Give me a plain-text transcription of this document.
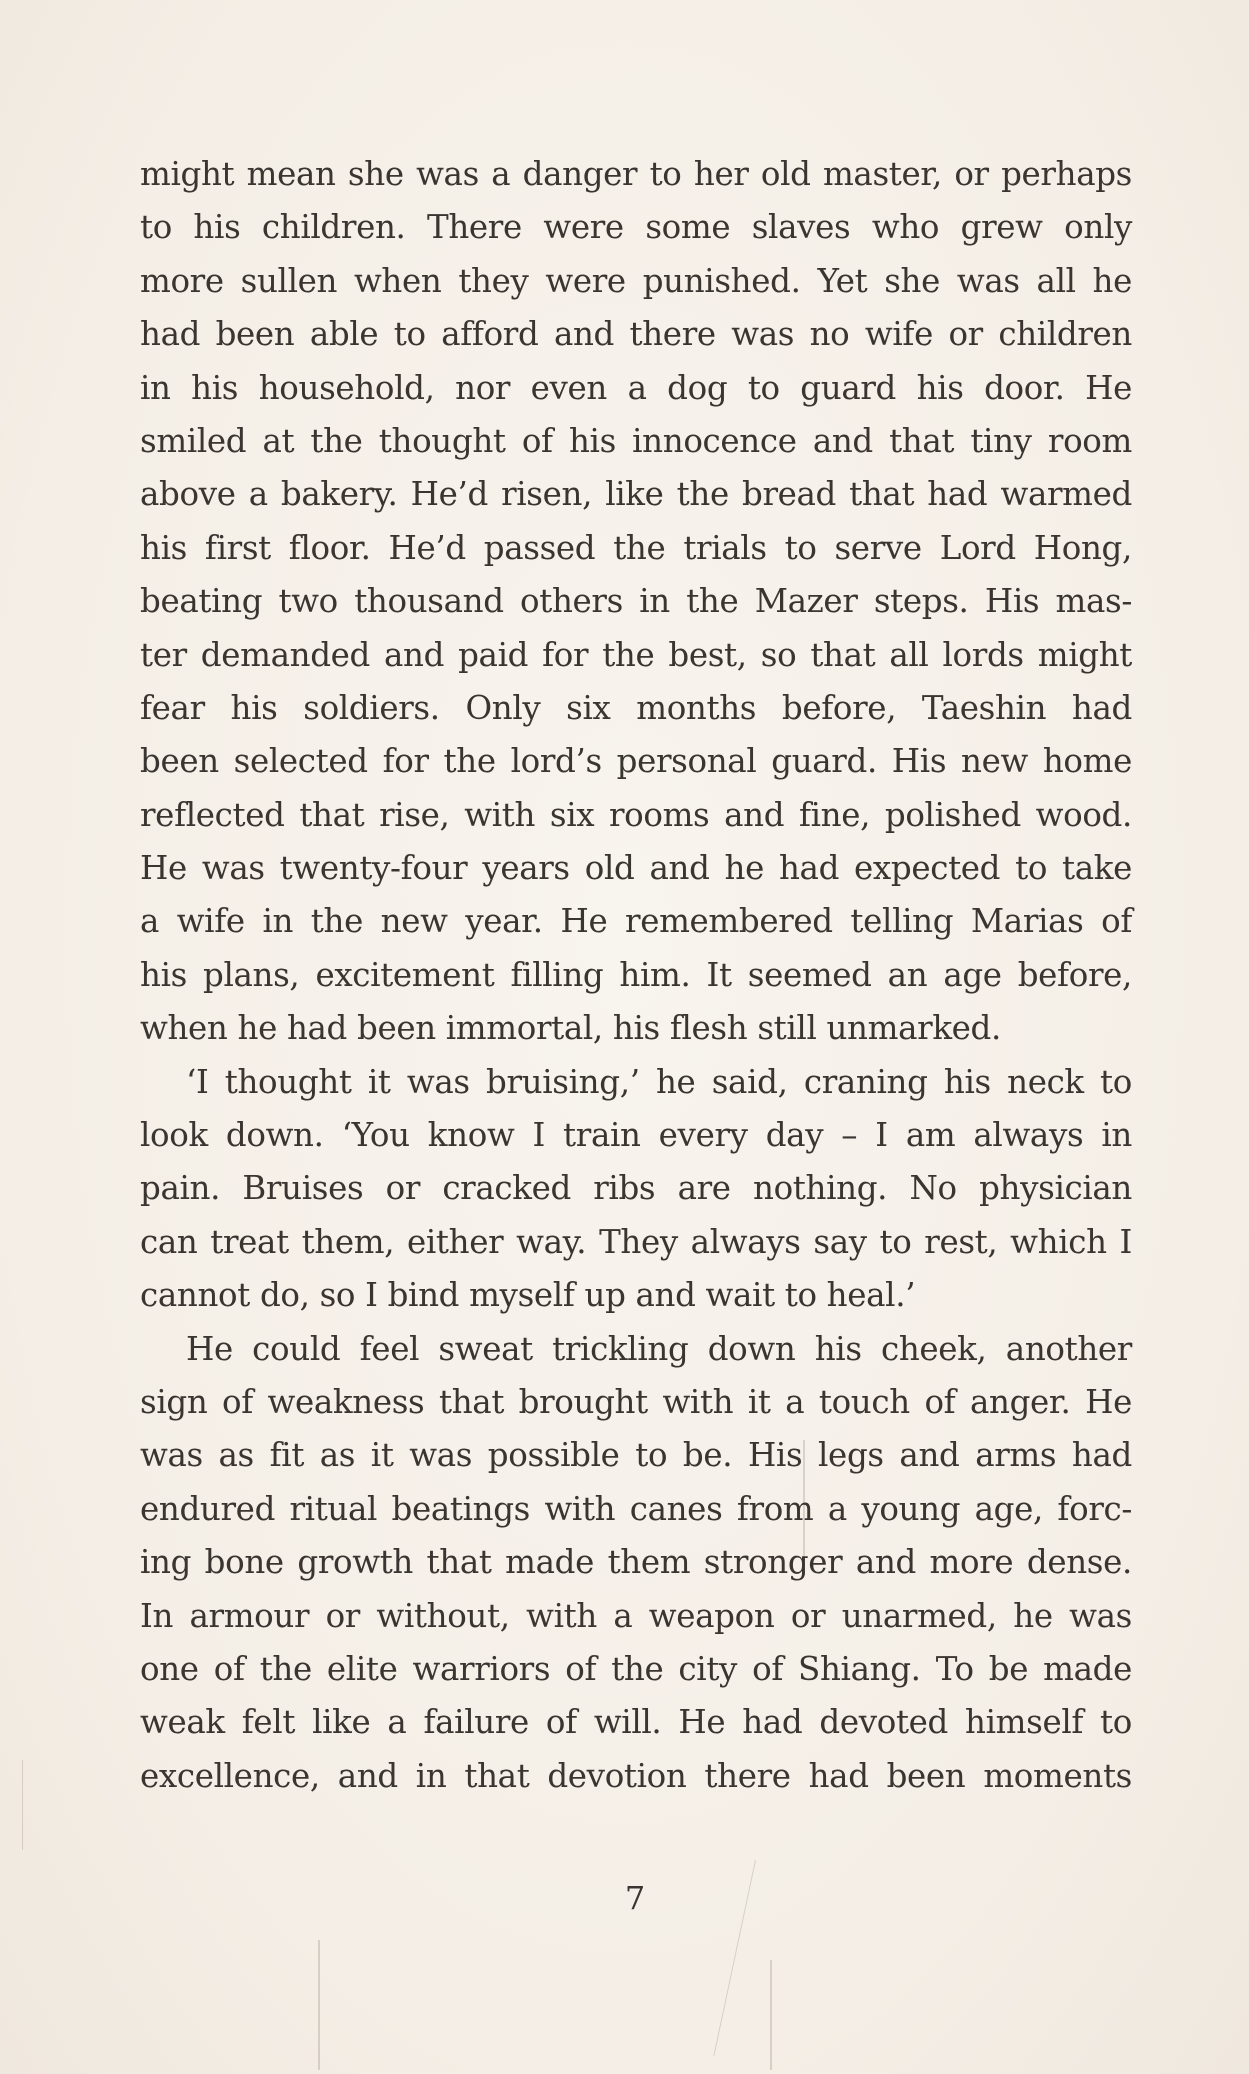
might mean she was a danger to her old master, or perhaps
to his children. There were some slaves who grew only
more sullen when they were punished. Yet she was all he
had been able to afford and there was no wife or children
in his household, nor even a dog to guard his door. He
smiled at the thought of his innocence and that tiny room
above a bakery. He’d risen, like the bread that had warmed
his first floor. He’d passed the trials to serve Lord Hong,
beating two thousand others in the Mazer steps. His mas-
ter demanded and paid for the best, so that all lords might
fear his soldiers. Only six months before, Taeshin had
been selected for the lord’s personal guard. His new home
reflected that rise, with six rooms and fine, polished wood.
He was twenty-four years old and he had expected to take
a wife in the new year. He remembered telling Marias of
his plans, excitement filling him. It seemed an age before,
when he had been immortal, his flesh still unmarked.
‘I thought it was bruising,’ he said, craning his neck to
look down. ‘You know I train every day – I am always in
pain. Bruises or cracked ribs are nothing. No physician
can treat them, either way. They always say to rest, which I
cannot do, so I bind myself up and wait to heal.’
He could feel sweat trickling down his cheek, another
sign of weakness that brought with it a touch of anger. He
was as fit as it was possible to be. His legs and arms had
endured ritual beatings with canes from a young age, forc-
ing bone growth that made them stronger and more dense.
In armour or without, with a weapon or unarmed, he was
one of the elite warriors of the city of Shiang. To be made
weak felt like a failure of will. He had devoted himself to
excellence, and in that devotion there had been moments
7
